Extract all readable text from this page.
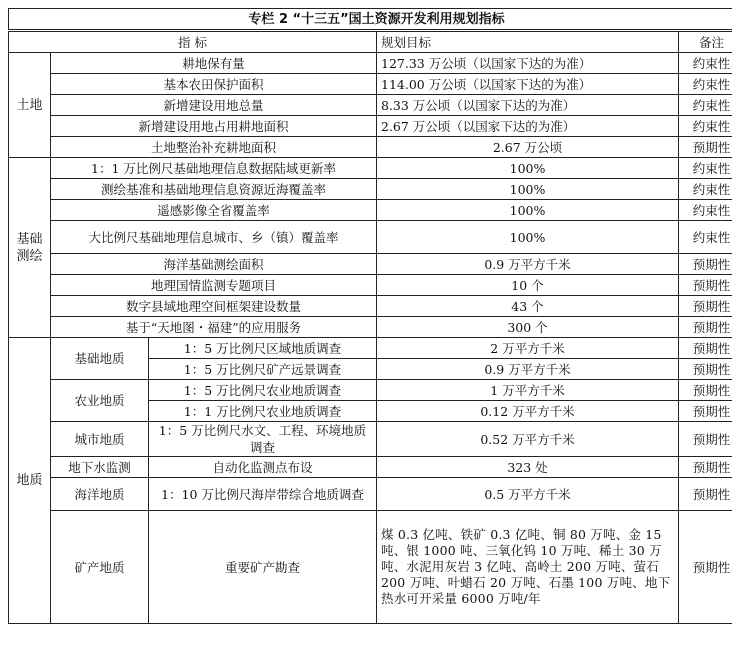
专栏 2 “十三五”国土资源开发利用规划指标				
指 标			规划目标	备注
土地	耕地保有量		127.33 万公顷（以国家下达的为准）	约束性
	基本农田保护面积		114.00 万公顷（以国家下达的为准）	约束性
	新增建设用地总量		8.33 万公顷（以国家下达的为准）	约束性
	新增建设用地占用耕地面积		2.67 万公顷（以国家下达的为准）	约束性
	土地整治补充耕地面积		2.67 万公顷	预期性
基础测绘	1：1 万比例尺基础地理信息数据陆域更新率		100%	约束性
	测绘基准和基础地理信息资源近海覆盖率		100%	约束性
	遥感影像全省覆盖率		100%	约束性
	大比例尺基础地理信息城市、乡（镇）覆盖率		100%	约束性
	海洋基础测绘面积		0.9 万平方千米	预期性
	地理国情监测专题项目		10 个	预期性
	数字县域地理空间框架建设数量		43 个	预期性
	基于“天地图・福建”的应用服务		300 个	预期性
地质	基础地质	1：5 万比例尺区域地质调查	2 万平方千米	预期性
		1：5 万比例尺矿产远景调查	0.9 万平方千米	预期性
	农业地质	1：5 万比例尺农业地质调查	1 万平方千米	预期性
		1：1 万比例尺农业地质调查	0.12 万平方千米	预期性
	城市地质	1：5 万比例尺水文、工程、环境地质调查	0.52 万平方千米	预期性
	地下水监测	自动化监测点布设	323 处	预期性
	海洋地质	1：10 万比例尺海岸带综合地质调查	0.5 万平方千米	预期性
	矿产地质	重要矿产勘查	煤 0.3 亿吨、铁矿 0.3 亿吨、铜 80 万吨、金 15 吨、银 1000 吨、三氧化钨 10 万吨、稀土 30 万吨、水泥用灰岩 3 亿吨、高岭土 200 万吨、萤石 200 万吨、叶蜡石 20 万吨、石墨 100 万吨、地下热水可开采量 6000 万吨/年	预期性
